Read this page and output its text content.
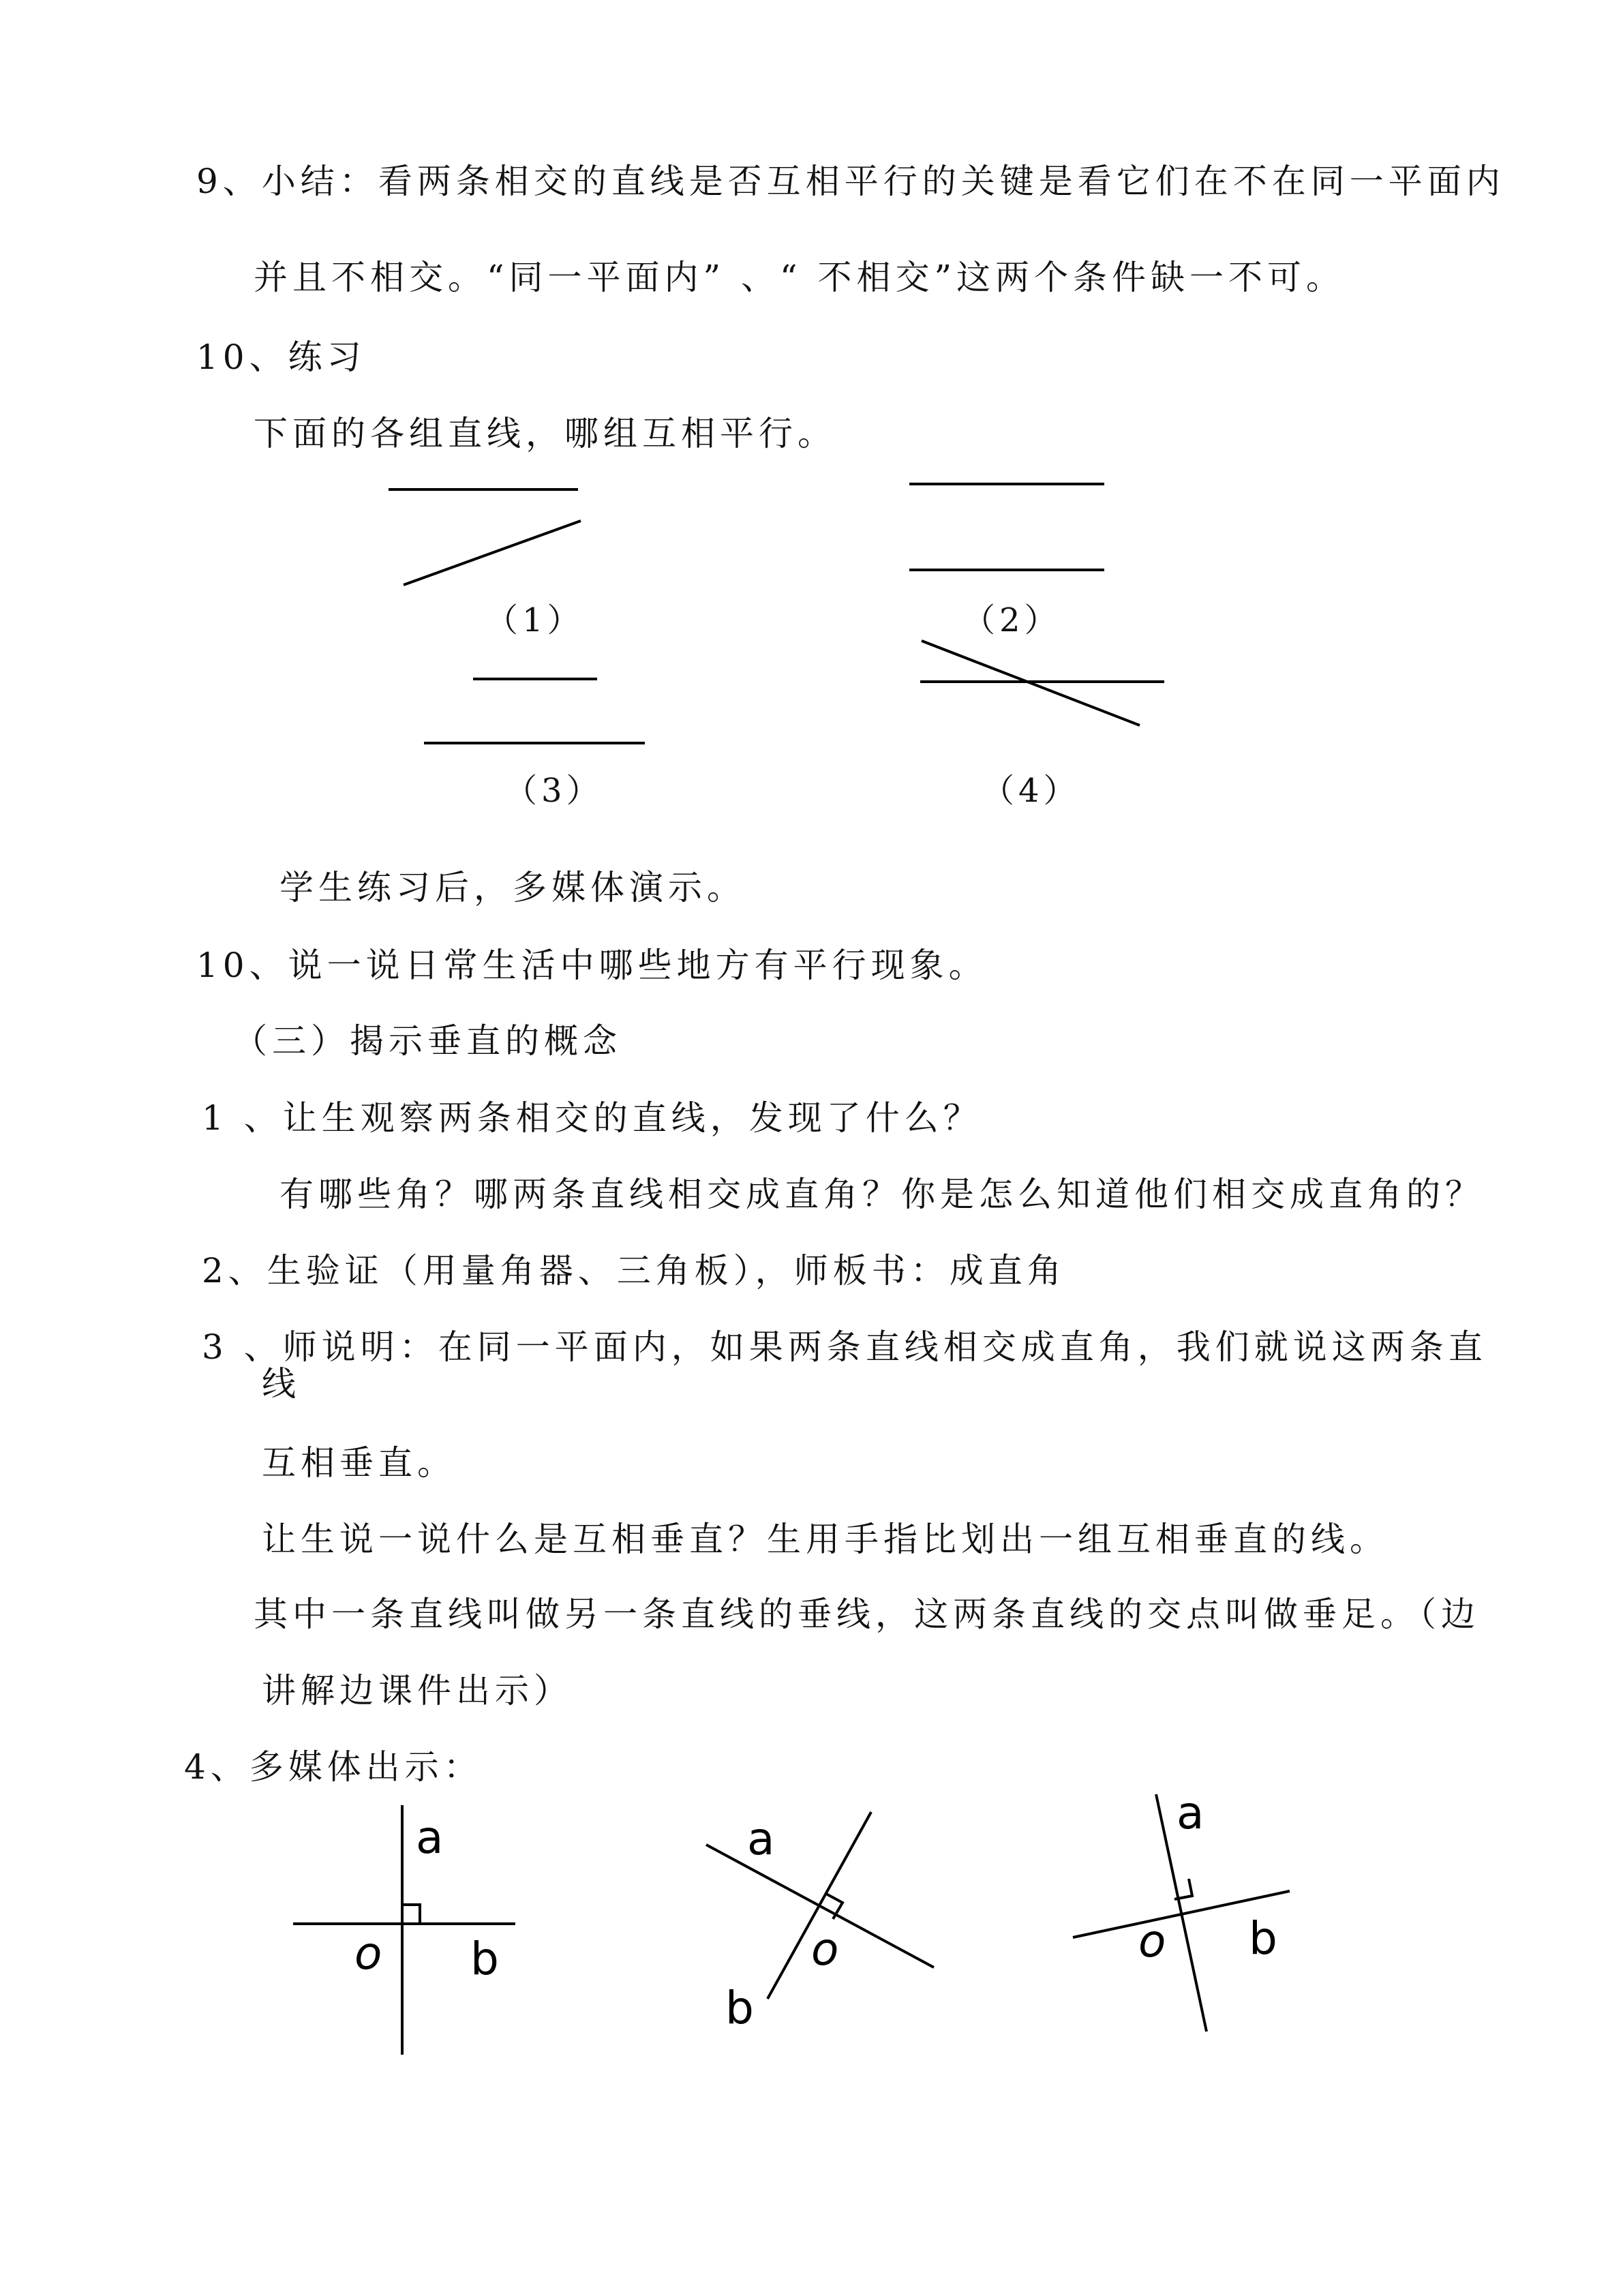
9、小结：看两条相交的直线是否互相平行的关键是看它们在不在同一平面内
并且不相交。“同一平面内” 、“ 不相交”这两个条件缺一不可。
10、练习
下面的各组直线，哪组互相平行。
（1）	（2）
（3）	（4）
学生练习后，多媒体演示。
10、说一说日常生活中哪些地方有平行现象。
（三）揭示垂直的概念
1 、让生观察两条相交的直线，发现了什么？
有哪些角？哪两条直线相交成直角？你是怎么知道他们相交成直角的？
2、生验证（用量角器、三角板），师板书：成直角
3 、师说明：在同一平面内，如果两条直线相交成直角，我们就说这两条直
线
互相垂直。
让生说一说什么是互相垂直？生用手指比划出一组互相垂直的线。
其中一条直线叫做另一条直线的垂线，这两条直线的交点叫做垂足。（边
讲解边课件出示）
4、多媒体出示：
a
o b
a
o
b
a
o b
